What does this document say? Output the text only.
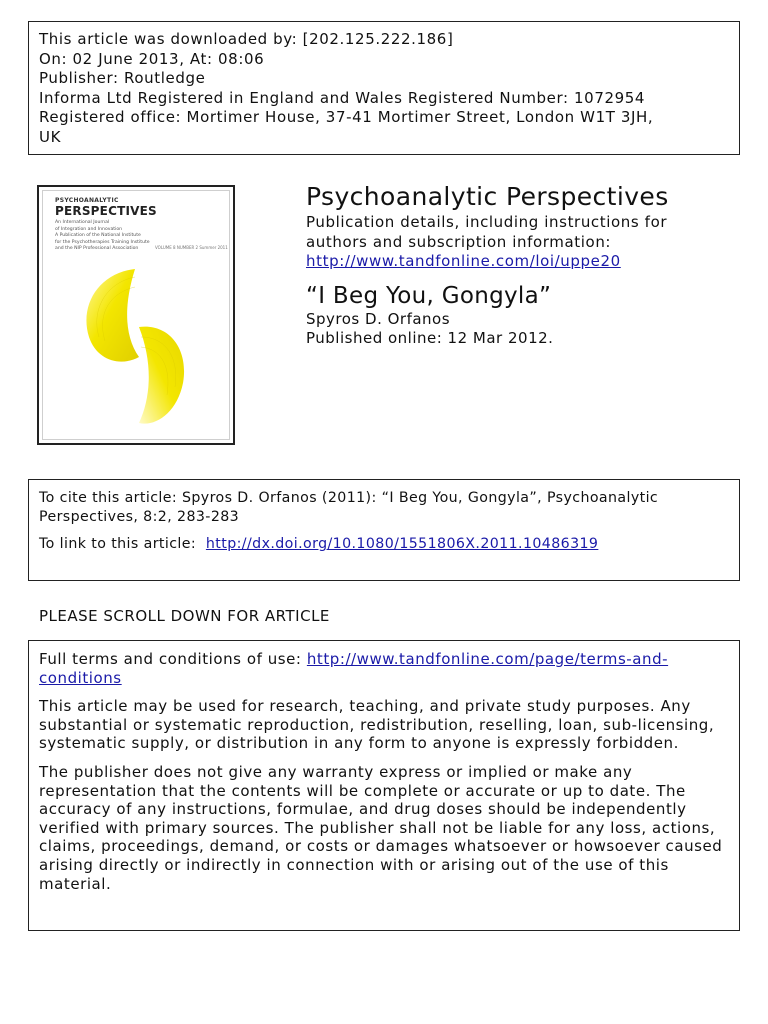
This article was downloaded by: [202.125.222.186]
On: 02 June 2013, At: 08:06
Publisher: Routledge
Informa Ltd Registered in England and Wales Registered Number: 1072954
Registered office: Mortimer House, 37-41 Mortimer Street, London W1T 3JH,
UK
PSYCHOANALYTIC
PERSPECTIVES
An International Journal
of Integration and Innovation
A Publication of the National Institute
for the Psychotherapies Training Institute
and the NIP Professional Association	VOLUME 8 NUMBER 2 Summer 2011
Psychoanalytic Perspectives
Publication details, including instructions for
authors and subscription information:
http://www.tandfonline.com/loi/uppe20
“I Beg You, Gongyla”
Spyros D. Orfanos
Published online: 12 Mar 2012.
To cite this article: Spyros D. Orfanos (2011): “I Beg You, Gongyla”, Psychoanalytic Perspectives, 8:2, 283-283
To link to this article: http://dx.doi.org/10.1080/1551806X.2011.10486319
PLEASE SCROLL DOWN FOR ARTICLE

Full terms and conditions of use: http://www.tandfonline.com/page/terms-and-conditions

This article may be used for research, teaching, and private study purposes. Any substantial or systematic reproduction, redistribution, reselling, loan, sub-licensing, systematic supply, or distribution in any form to anyone is expressly forbidden.

The publisher does not give any warranty express or implied or make any representation that the contents will be complete or accurate or up to date. The accuracy of any instructions, formulae, and drug doses should be independently verified with primary sources. The publisher shall not be liable for any loss, actions, claims, proceedings, demand, or costs or damages whatsoever or howsoever caused arising directly or indirectly in connection with or arising out of the use of this material.
